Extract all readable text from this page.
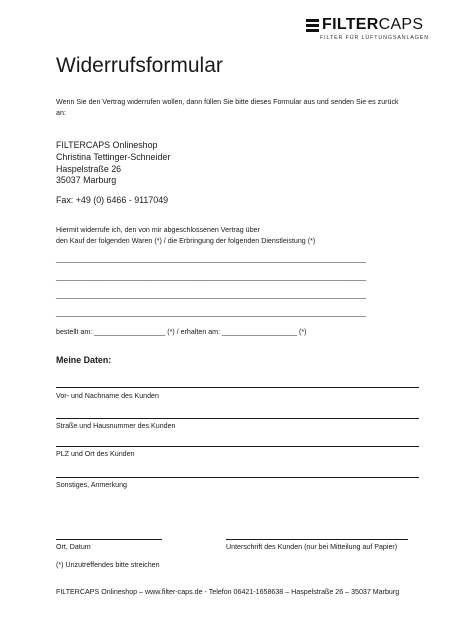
FILTERCAPS
FILTER FÜR LÜFTUNGSANLAGEN
Widerrufsformular
Wenn Sie den Vertrag widerrufen wollen, dann füllen Sie bitte dieses Formular aus und senden Sie es zurück
an:
FILTERCAPS Onlineshop
Christina Tettinger-Schneider
Haspelstraße 26
35037 Marburg
Fax: +49 (0) 6466 - 9117049
Hiermit widerrufe ich, den von mir abgeschlossenen Vertrag über
den Kauf der folgenden Waren (*) / die Erbringung der folgenden Dienstleistung (*)
_______________________________________________________________________________
_______________________________________________________________________________
_______________________________________________________________________________
_______________________________________________________________________________
bestellt am: __________________ (*) / erhalten am: ___________________ (*)
Meine Daten:
Vor- und Nachname des Kunden
Straße und Hausnummer des Kunden
PLZ und Ort des Kunden
Sonstiges, Anmerkung
Ort, Datum	Unterschrift des Kunden (nur bei Mitteilung auf Papier)
(*) Unzutreffendes bitte streichen
FILTERCAPS Onlineshop – www.filter-caps.de - Telefon 06421-1658638 – Haspelstraße 26 – 35037 Marburg
